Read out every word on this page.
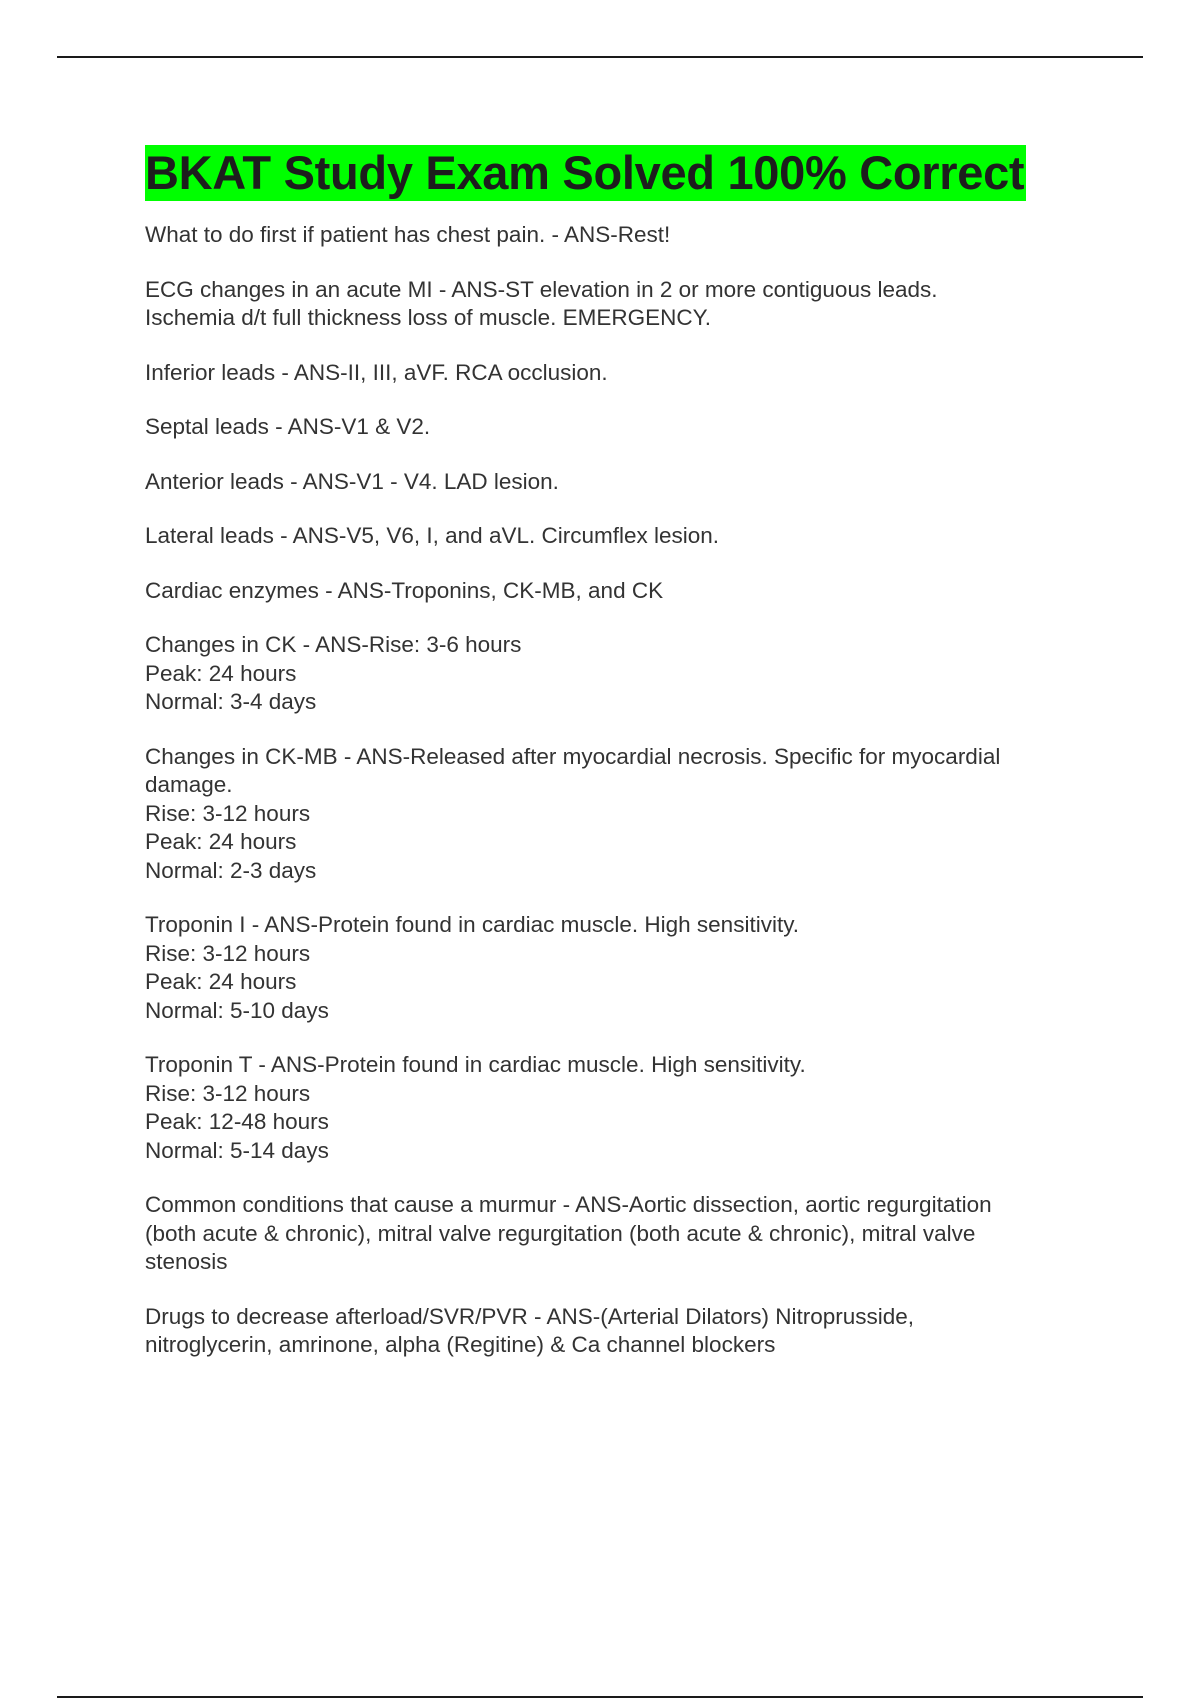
BKAT Study Exam Solved 100% Correct

What to do first if patient has chest pain. - ANS-Rest!

ECG changes in an acute MI - ANS-ST elevation in 2 or more contiguous leads.
Ischemia d/t full thickness loss of muscle. EMERGENCY.

Inferior leads - ANS-II, III, aVF. RCA occlusion.

Septal leads - ANS-V1 & V2.

Anterior leads - ANS-V1 - V4. LAD lesion.

Lateral leads - ANS-V5, V6, I, and aVL. Circumflex lesion.

Cardiac enzymes - ANS-Troponins, CK-MB, and CK

Changes in CK - ANS-Rise: 3-6 hours
Peak: 24 hours
Normal: 3-4 days

Changes in CK-MB - ANS-Released after myocardial necrosis. Specific for myocardial
damage.
Rise: 3-12 hours
Peak: 24 hours
Normal: 2-3 days

Troponin I - ANS-Protein found in cardiac muscle. High sensitivity.
Rise: 3-12 hours
Peak: 24 hours
Normal: 5-10 days

Troponin T - ANS-Protein found in cardiac muscle. High sensitivity.
Rise: 3-12 hours
Peak: 12-48 hours
Normal: 5-14 days

Common conditions that cause a murmur - ANS-Aortic dissection, aortic regurgitation
(both acute & chronic), mitral valve regurgitation (both acute & chronic), mitral valve
stenosis

Drugs to decrease afterload/SVR/PVR - ANS-(Arterial Dilators) Nitroprusside,
nitroglycerin, amrinone, alpha (Regitine) & Ca channel blockers
